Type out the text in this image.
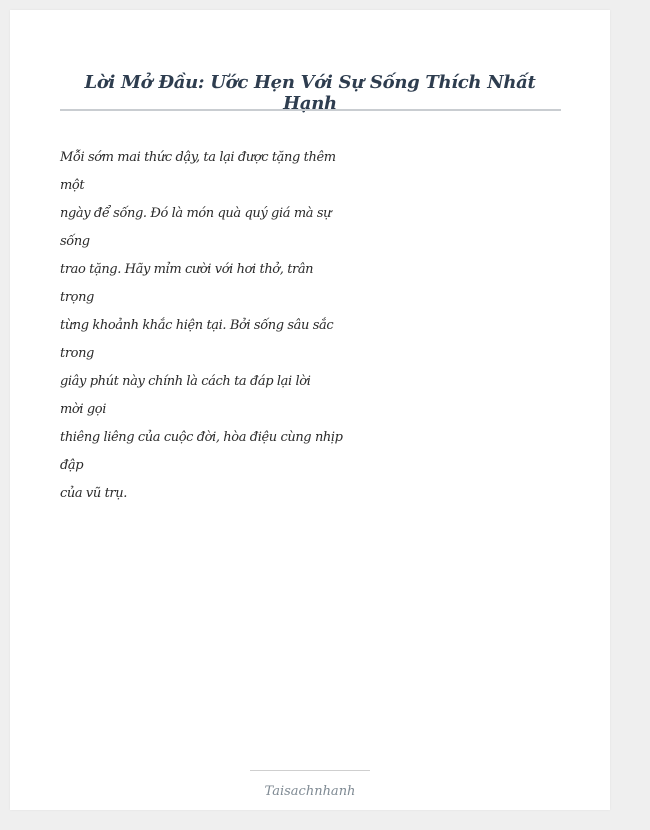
Lời Mở Đầu: Ước Hẹn Với Sự Sống Thích Nhất Hạnh
Mỗi sớm mai thức dậy, ta lại được tặng thêm
một
ngày để sống. Đó là món quà quý giá mà sự
sống
trao tặng. Hãy mỉm cười với hơi thở, trân
trọng
từng khoảnh khắc hiện tại. Bởi sống sâu sắc
trong
giây phút này chính là cách ta đáp lại lời
mời gọi
thiêng liêng của cuộc đời, hòa điệu cùng nhịp
đập
của vũ trụ.
Taisachnhanh
